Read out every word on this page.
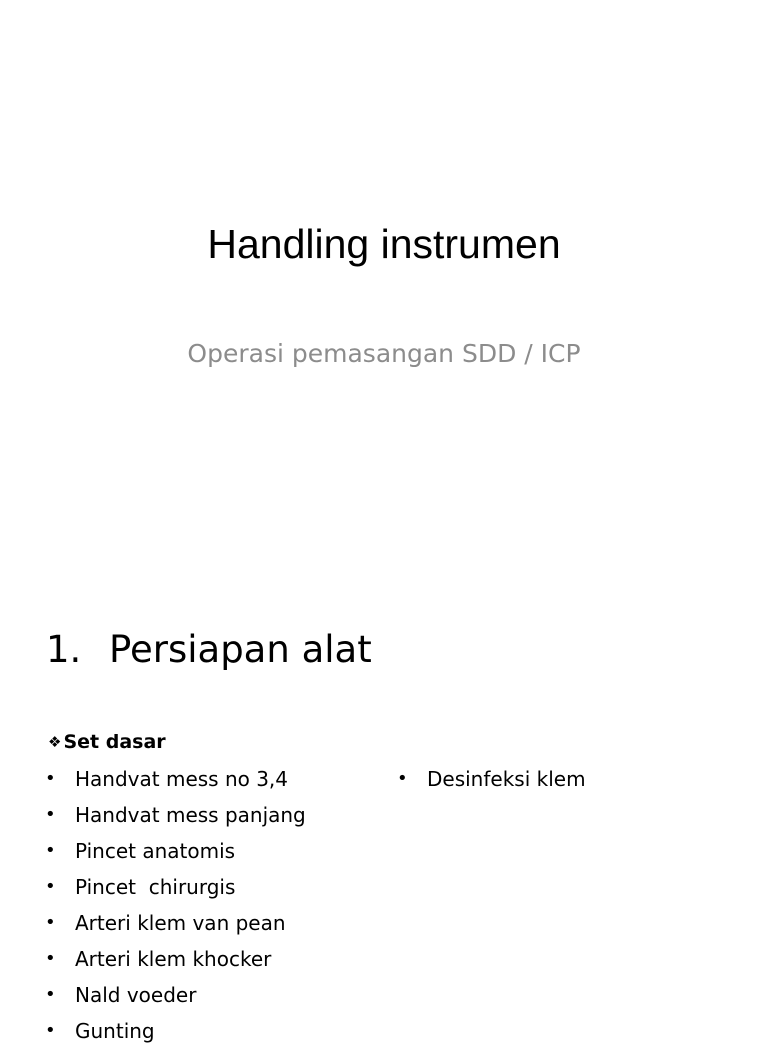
Handling instrumen
Operasi pemasangan SDD / ICP
1. Persiapan alat
❖ Set dasar
• Handvat mess no 3,4
• Handvat mess panjang
• Pincet anatomis
• Pincet  chirurgis
• Arteri klem van pean
• Arteri klem khocker
• Nald voeder
• Gunting
• Desinfeksi klem
